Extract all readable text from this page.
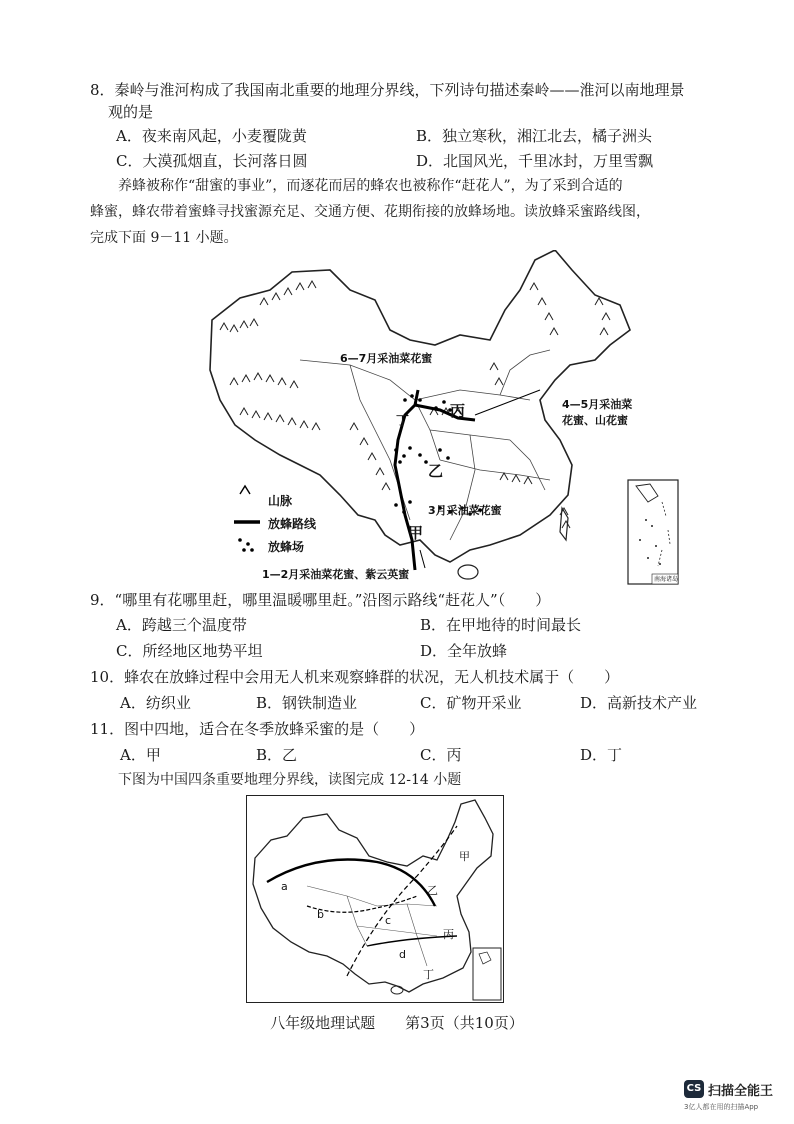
8．秦岭与淮河构成了我国南北重要的地理分界线，下列诗句描述秦岭——淮河以南地理景
观的是
A．夜来南风起，小麦覆陇黄	B．独立寒秋，湘江北去，橘子洲头
C．大漠孤烟直，长河落日圆	D．北国风光，千里冰封，万里雪飘
养蜂被称作“甜蜜的事业”，而逐花而居的蜂农也被称作“赶花人”，为了采到合适的
蜂蜜，蜂农带着蜜蜂寻找蜜源充足、交通方便、花期衔接的放蜂场地。读放蜂采蜜路线图，
完成下面 9－11 小题。
6—7月采油菜花蜜
4—5月采油菜
花蜜、山花蜜
3月采油菜花蜜
1—2月采油菜花蜜、紫云英蜜
丙
乙
甲
丁
南海诸岛
山脉
放蜂路线
放蜂场
9．“哪里有花哪里赶，哪里温暖哪里赶。”沿图示路线“赶花人”（　　）
A．跨越三个温度带	B．在甲地待的时间最长
C．所经地区地势平坦	D．全年放蜂
10．蜂农在放蜂过程中会用无人机来观察蜂群的状况，无人机技术属于（　　）
A．纺织业	B．钢铁制造业	C．矿物开采业	D．高新技术产业
11．图中四地，适合在冬季放蜂采蜜的是（　　）
A．甲	B．乙	C．丙	D．丁
下图为中国四条重要地理分界线，读图完成 12-14 小题
a
b	c
d
甲
乙
丙
丁
八年级地理试题　　第3页（共10页）
CS 扫描全能王
3亿人都在用的扫描App
